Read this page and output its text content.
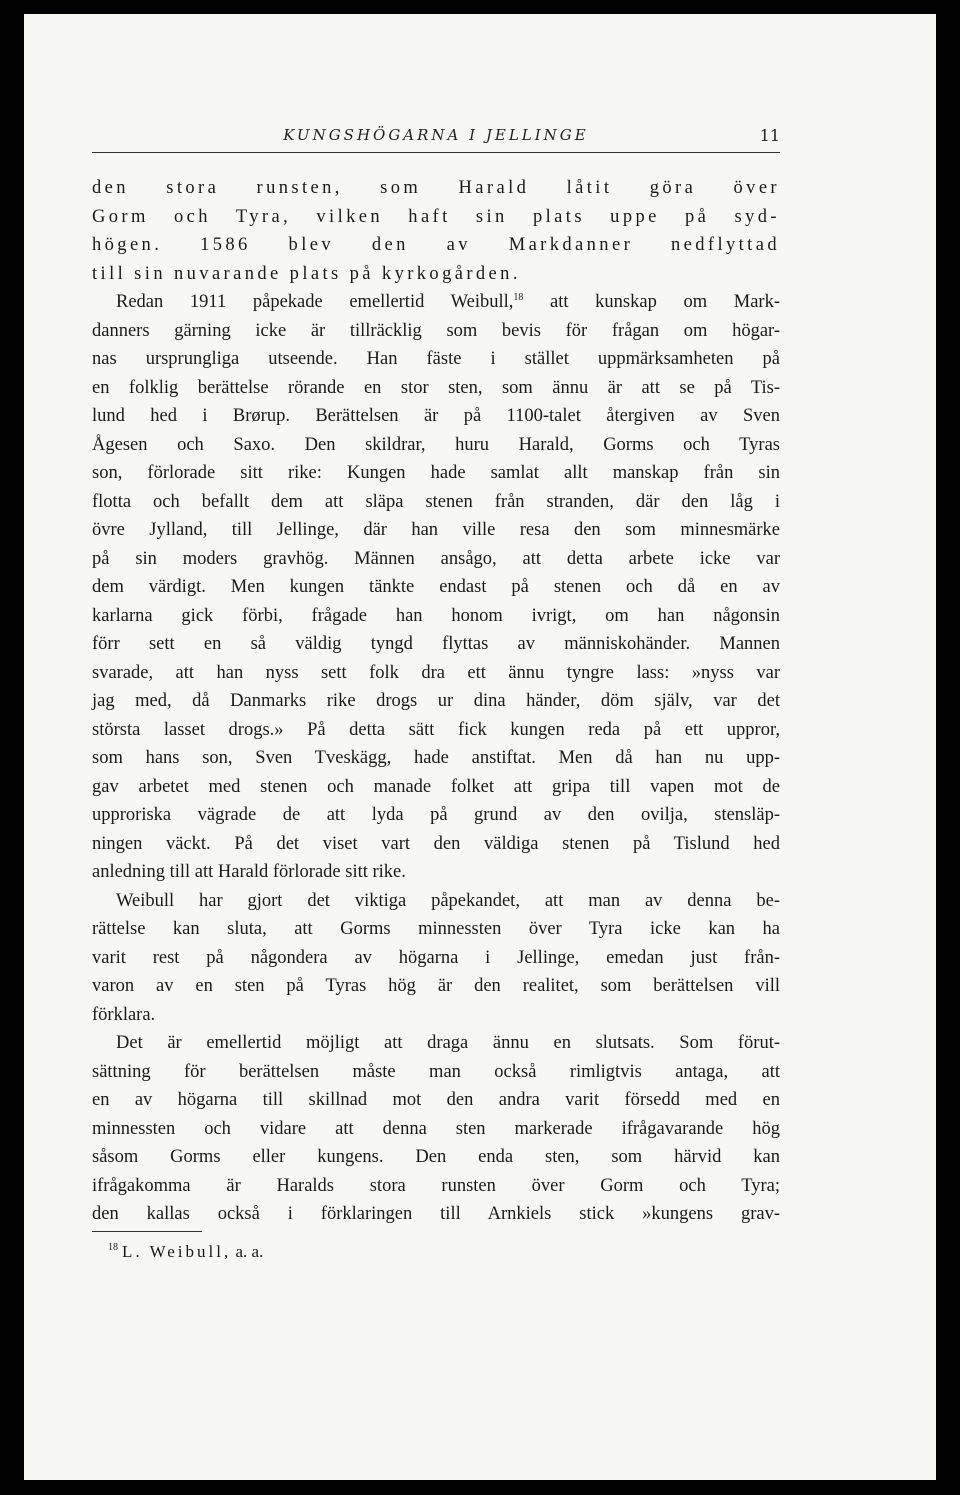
KUNGSHÖGARNA I JELLINGE	11
den stora runsten, som Harald låtit göra över
Gorm och Tyra, vilken haft sin plats uppe på syd-
högen. 1586 blev den av Markdanner nedflyttad
till sin nuvarande plats på kyrkogården.
Redan 1911 påpekade emellertid Weibull,$^{18}$ att kunskap om Mark-
danners gärning icke är tillräcklig som bevis för frågan om högar-
nas ursprungliga utseende. Han fäste i stället uppmärksamheten på
en folklig berättelse rörande en stor sten, som ännu är att se på Tis-
lund hed i Brørup. Berättelsen är på 1100-talet återgiven av Sven
Ågesen och Saxo. Den skildrar, huru Harald, Gorms och Tyras
son, förlorade sitt rike: Kungen hade samlat allt manskap från sin
flotta och befallt dem att släpa stenen från stranden, där den låg i
övre Jylland, till Jellinge, där han ville resa den som minnesmärke
på sin moders gravhög. Männen ansågo, att detta arbete icke var
dem värdigt. Men kungen tänkte endast på stenen och då en av
karlarna gick förbi, frågade han honom ivrigt, om han någonsin
förr sett en så väldig tyngd flyttas av människohänder. Mannen
svarade, att han nyss sett folk dra ett ännu tyngre lass: »nyss var
jag med, då Danmarks rike drogs ur dina händer, döm själv, var det
största lasset drogs.» På detta sätt fick kungen reda på ett uppror,
som hans son, Sven Tveskägg, hade anstiftat. Men då han nu upp-
gav arbetet med stenen och manade folket att gripa till vapen mot de
upproriska vägrade de att lyda på grund av den ovilja, stensläp-
ningen väckt. På det viset vart den väldiga stenen på Tislund hed
anledning till att Harald förlorade sitt rike.
Weibull har gjort det viktiga påpekandet, att man av denna be-
rättelse kan sluta, att Gorms minnessten över Tyra icke kan ha
varit rest på någondera av högarna i Jellinge, emedan just från-
varon av en sten på Tyras hög är den realitet, som berättelsen vill
förklara.
Det är emellertid möjligt att draga ännu en slutsats. Som förut-
sättning för berättelsen måste man också rimligtvis antaga, att
en av högarna till skillnad mot den andra varit försedd med en
minnessten och vidare att denna sten markerade ifrågavarande hög
såsom Gorms eller kungens. Den enda sten, som härvid kan
ifrågakomma är Haralds stora runsten över Gorm och Tyra;
den kallas också i förklaringen till Arnkiels stick »kungens grav-
$^{18}$ L. Weibull, a. a.
